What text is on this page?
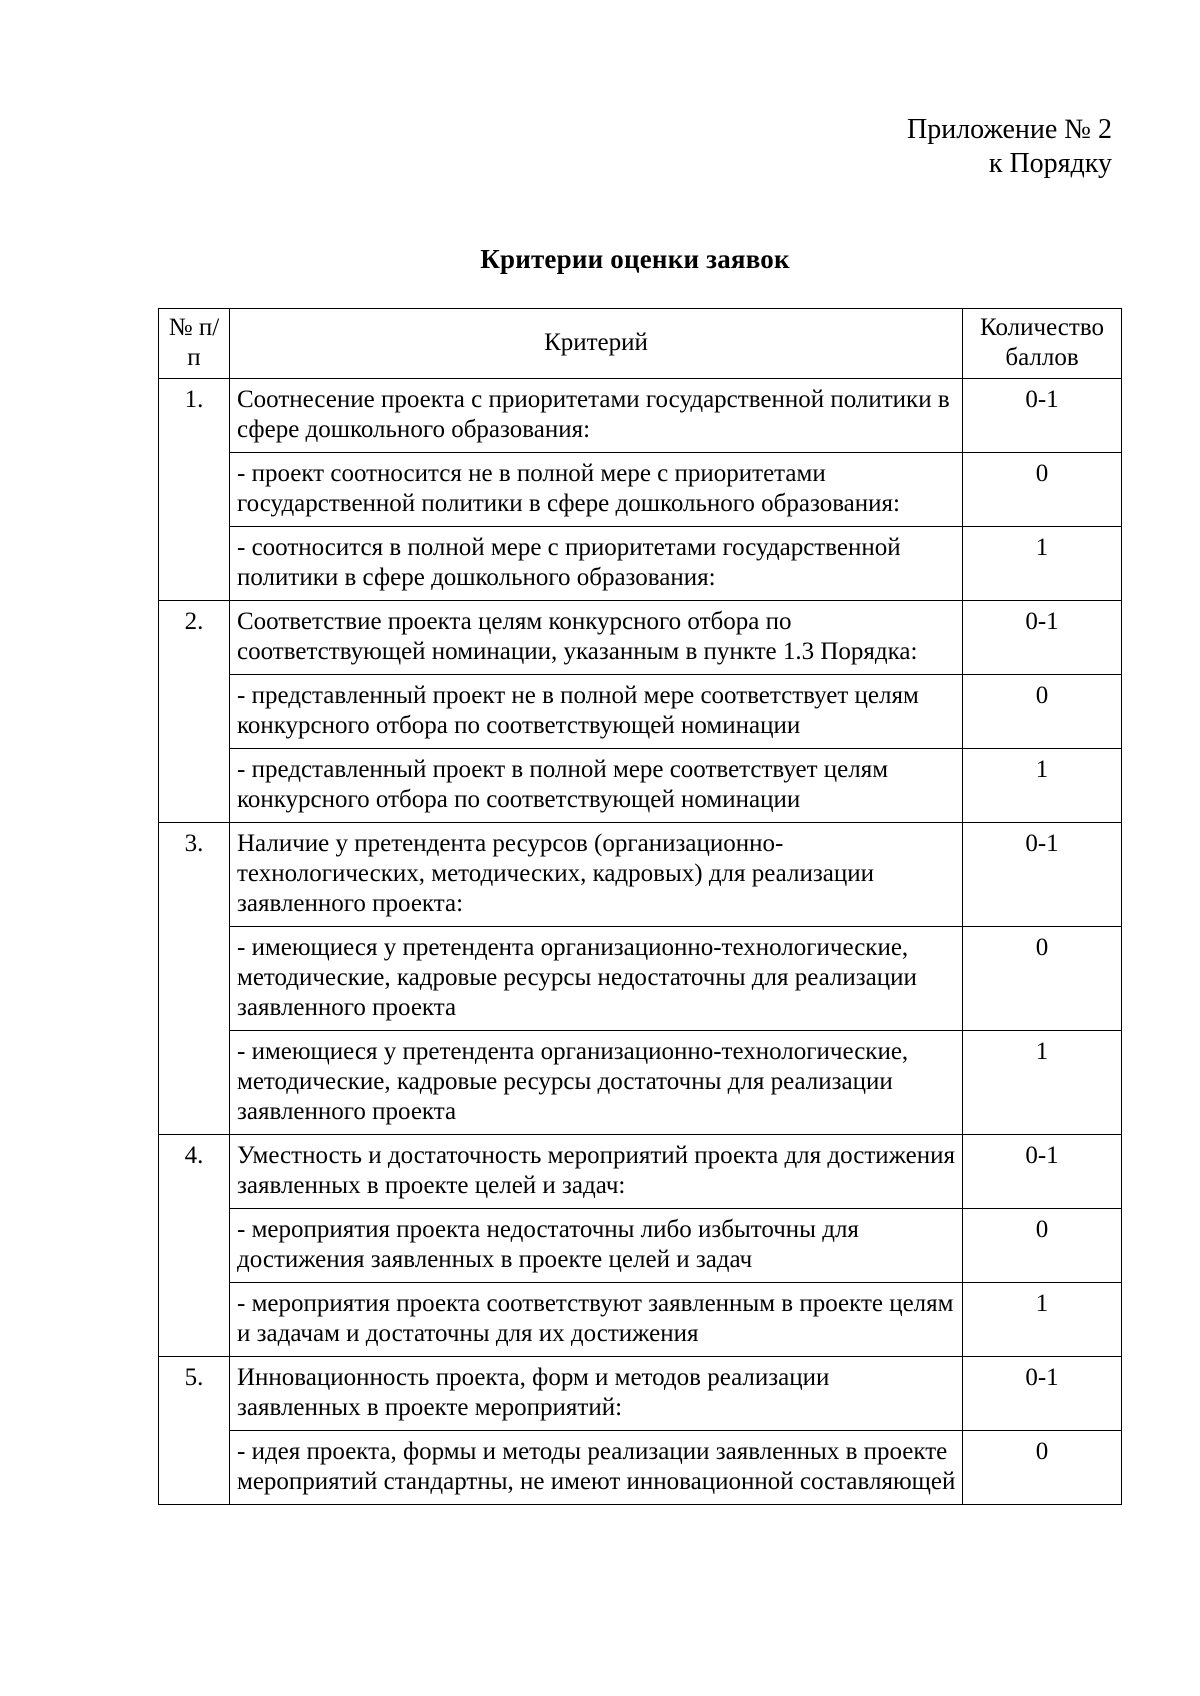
Приложение № 2
к Порядку
Критерии оценки заявок
№ п/п	Критерий	Количество баллов
1.	Соотнесение проекта с приоритетами государственной политики в сфере дошкольного образования:	0-1
	- проект соотносится не в полной мере с приоритетами государственной политики в сфере дошкольного образования:	0
	- соотносится в полной мере с приоритетами государственной политики в сфере дошкольного образования:	1
2.	Соответствие проекта целям конкурсного отбора по соответствующей номинации, указанным в пункте 1.3 Порядка:	0-1
	- представленный проект не в полной мере соответствует целям конкурсного отбора по соответствующей номинации	0
	- представленный проект в полной мере соответствует целям конкурсного отбора по соответствующей номинации	1
3.	Наличие у претендента ресурсов (организационно-технологических, методических, кадровых) для реализации заявленного проекта:	0-1
	- имеющиеся у претендента организационно-технологические, методические, кадровые ресурсы недостаточны для реализации заявленного проекта	0
	- имеющиеся у претендента организационно-технологические, методические, кадровые ресурсы достаточны для реализации заявленного проекта	1
4.	Уместность и достаточность мероприятий проекта для достижения заявленных в проекте целей и задач:	0-1
	- мероприятия проекта недостаточны либо избыточны для достижения заявленных в проекте целей и задач	0
	- мероприятия проекта соответствуют заявленным в проекте целям и задачам и достаточны для их достижения	1
5.	Инновационность проекта, форм и методов реализации заявленных в проекте мероприятий:	0-1
	- идея проекта, формы и методы реализации заявленных в проекте мероприятий стандартны, не имеют инновационной составляющей	0
